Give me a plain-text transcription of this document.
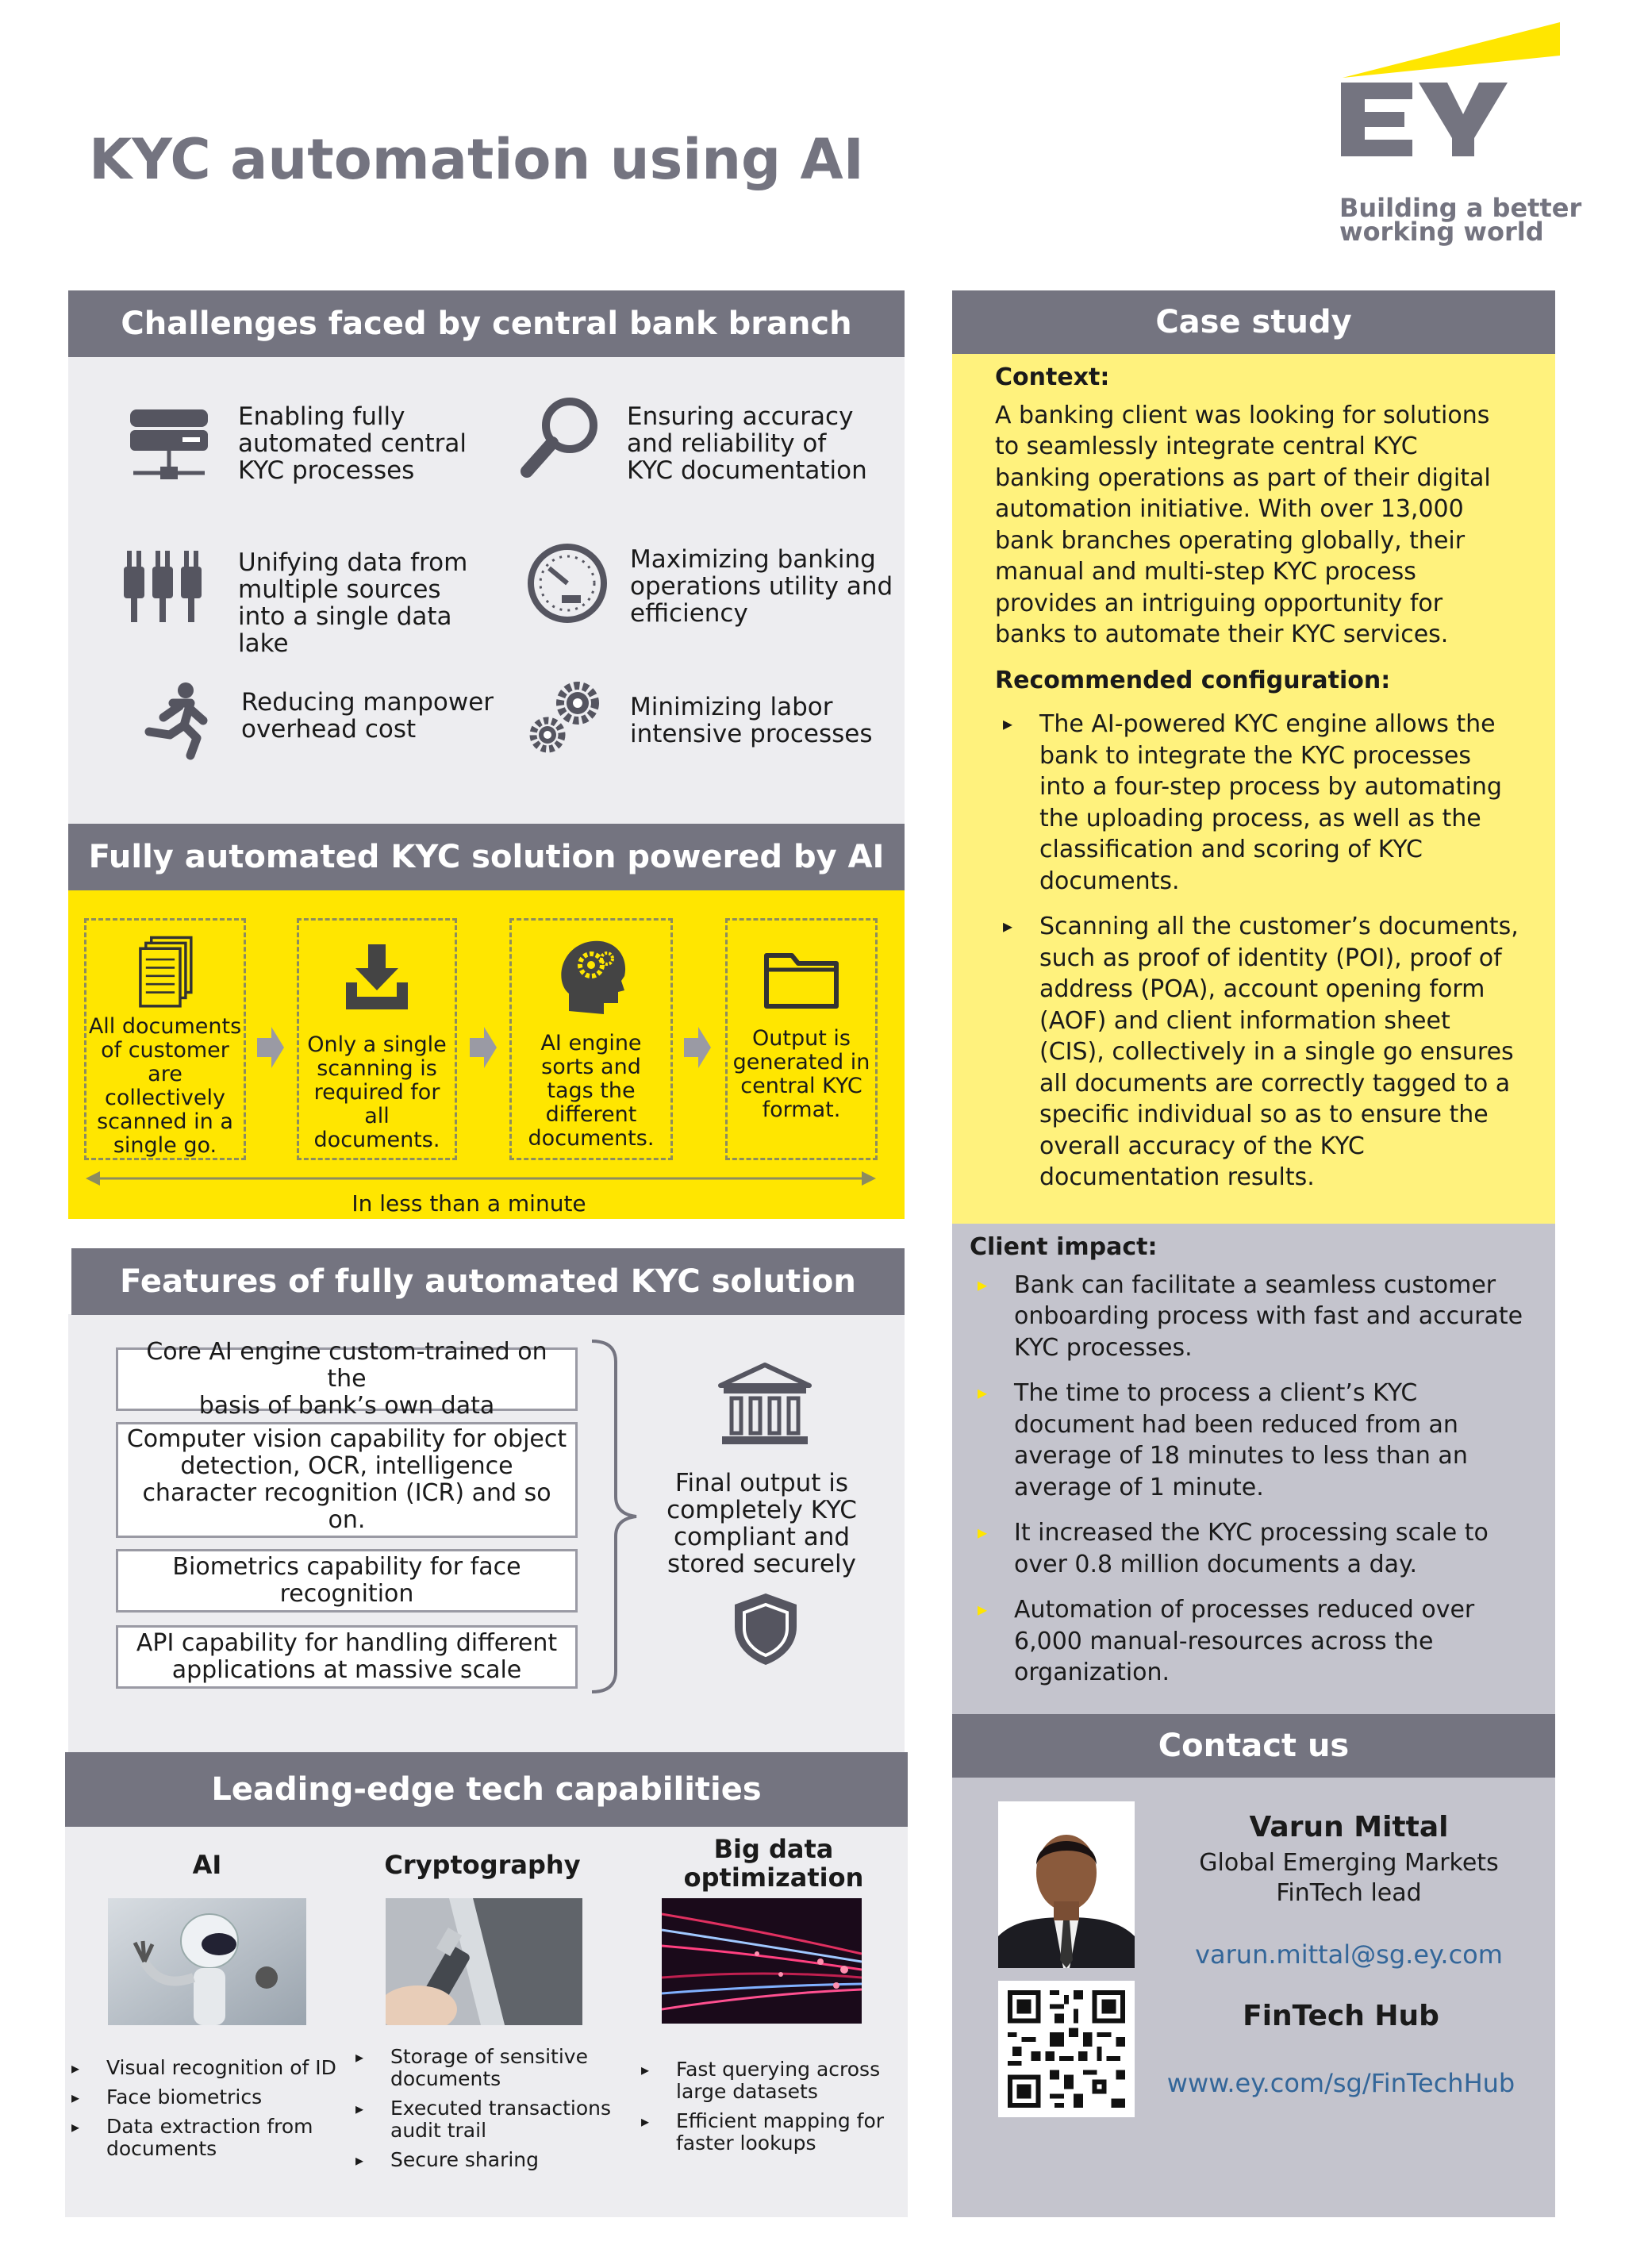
KYC automation using AI
Building a better
working world
Challenges faced by central bank branch
Enabling fully
automated central
KYC processes
Ensuring accuracy
and reliability of
KYC documentation
Unifying data from
multiple sources
into a single data
lake
Maximizing banking
operations utility and
efficiency
Reducing manpower
overhead cost
Minimizing labor
intensive processes
Fully automated KYC solution powered by AI
All documents
of customer
are
collectively
scanned in a
single go.
Only a single
scanning is
required for
all
documents.
AI engine
sorts and
tags the
different
documents.
Output is
generated in
central KYC
format.
In less than a minute
Features of fully automated KYC solution
Core AI engine custom-trained on the
basis of bank’s own data
Computer vision capability for object
detection, OCR, intelligence
character recognition (ICR) and so
on.
Biometrics capability for face
recognition
API capability for handling different
applications at massive scale
Final output is
completely KYC
compliant and
stored securely
Leading-edge tech capabilities
AI	Cryptography
Big data
optimization
▸ Visual recognition of ID
▸ Face biometrics
▸ Data extraction from
documents
▸ Storage of sensitive
documents
▸ Executed transactions
audit trail
▸ Secure sharing
▸ Fast querying across
large datasets
▸ Efficient mapping for
faster lookups
Case study
Context:
A banking client was looking for solutions to seamlessly integrate central KYC banking operations as part of their digital automation initiative. With over 13,000 bank branches operating globally, their manual and multi-step KYC process provides an intriguing opportunity for banks to automate their KYC services.
Recommended configuration:
▸ The AI-powered KYC engine allows the bank to integrate the KYC processes into a four-step process by automating the uploading process, as well as the classification and scoring of KYC documents.
▸ Scanning all the customer’s documents, such as proof of identity (POI), proof of address (POA), account opening form (AOF) and client information sheet (CIS), collectively in a single go ensures all documents are correctly tagged to a specific individual so as to ensure the overall accuracy of the KYC documentation results.
Client impact:
▸ Bank can facilitate a seamless customer onboarding process with fast and accurate KYC processes.
▸ The time to process a client’s KYC document had been reduced from an average of 18 minutes to less than an average of 1 minute.
▸ It increased the KYC processing scale to over 0.8 million documents a day.
▸ Automation of processes reduced over 6,000 manual-resources across the organization.
Contact us
Varun Mittal
Global Emerging Markets
FinTech lead
varun.mittal@sg.ey.com
FinTech Hub
www.ey.com/sg/FinTechHub
